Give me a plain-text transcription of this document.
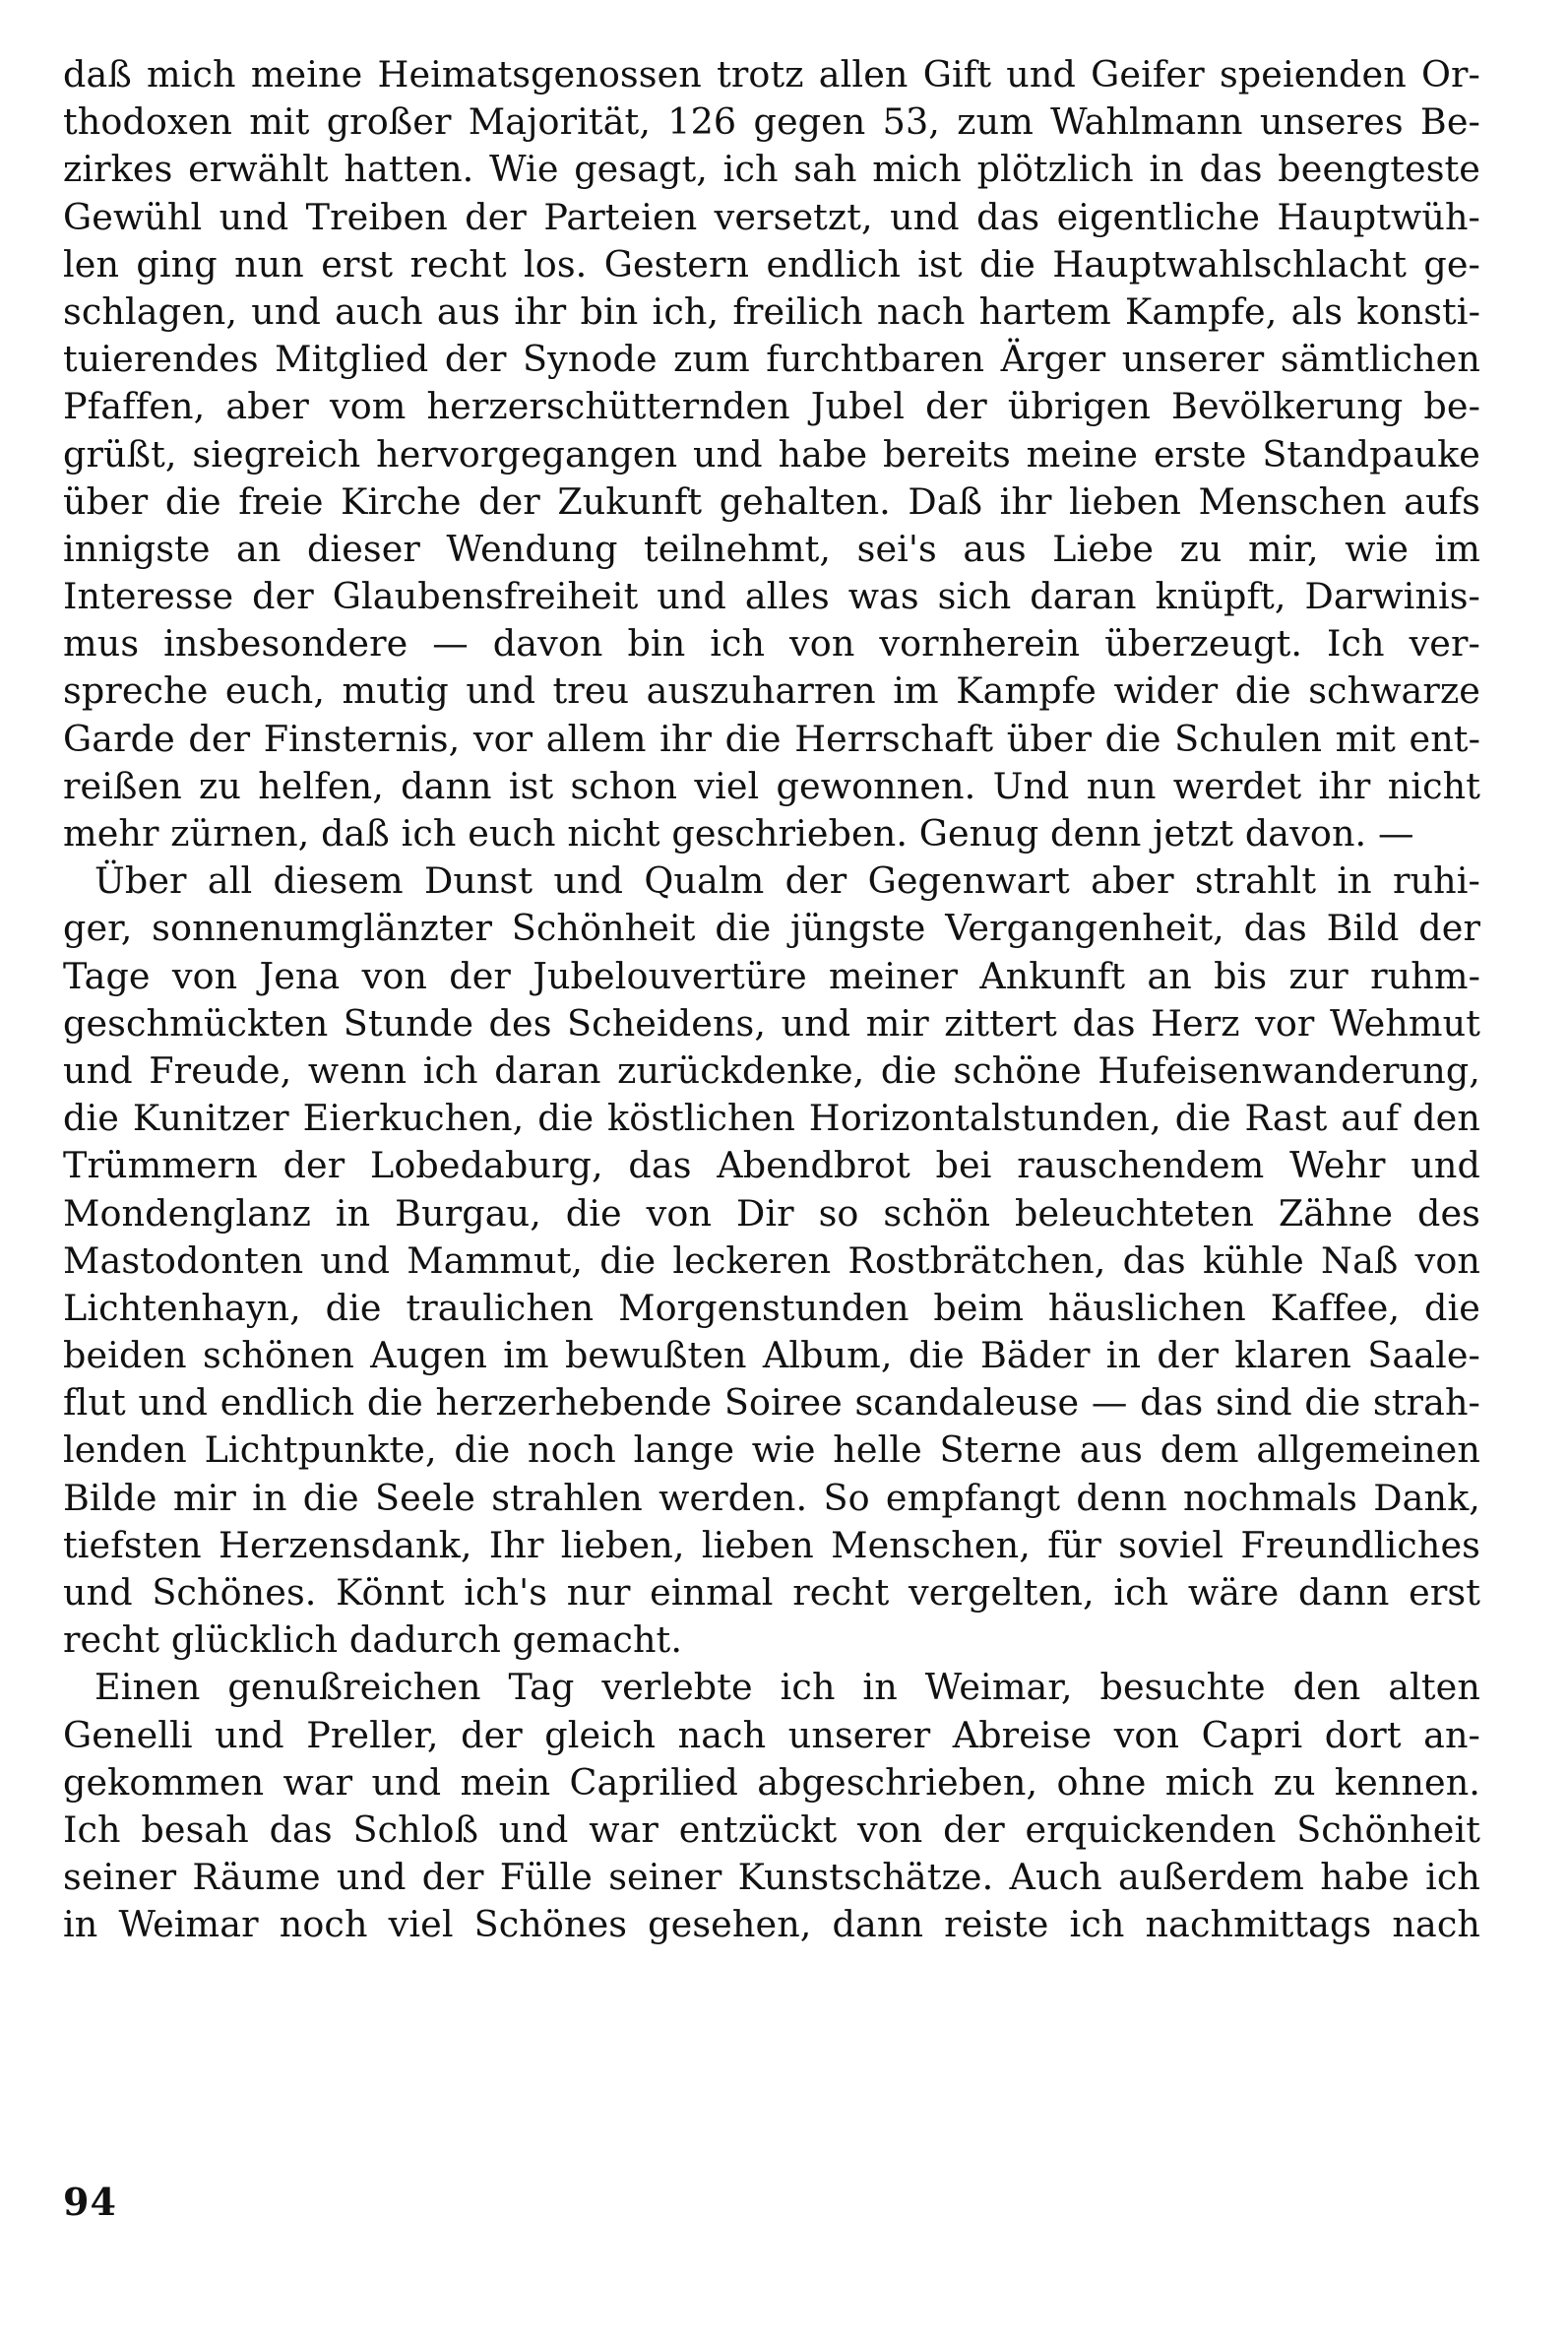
daß mich meine Heimatsgenossen trotz allen Gift und Geifer speienden Or-
thodoxen mit großer Majorität, 126 gegen 53, zum Wahlmann unseres Be-
zirkes erwählt hatten. Wie gesagt, ich sah mich plötzlich in das beengteste
Gewühl und Treiben der Parteien versetzt, und das eigentliche Hauptwüh-
len ging nun erst recht los. Gestern endlich ist die Hauptwahlschlacht ge-
schlagen, und auch aus ihr bin ich, freilich nach hartem Kampfe, als konsti-
tuierendes Mitglied der Synode zum furchtbaren Ärger unserer sämtlichen
Pfaffen, aber vom herzerschütternden Jubel der übrigen Bevölkerung be-
grüßt, siegreich hervorgegangen und habe bereits meine erste Standpauke
über die freie Kirche der Zukunft gehalten. Daß ihr lieben Menschen aufs
innigste an dieser Wendung teilnehmt, sei's aus Liebe zu mir, wie im
Interesse der Glaubensfreiheit und alles was sich daran knüpft, Darwinis-
mus insbesondere — davon bin ich von vornherein überzeugt. Ich ver-
spreche euch, mutig und treu auszuharren im Kampfe wider die schwarze
Garde der Finsternis, vor allem ihr die Herrschaft über die Schulen mit ent-
reißen zu helfen, dann ist schon viel gewonnen. Und nun werdet ihr nicht
mehr zürnen, daß ich euch nicht geschrieben. Genug denn jetzt davon. —
Über all diesem Dunst und Qualm der Gegenwart aber strahlt in ruhi-
ger, sonnenumglänzter Schönheit die jüngste Vergangenheit, das Bild der
Tage von Jena von der Jubelouvertüre meiner Ankunft an bis zur ruhm-
geschmückten Stunde des Scheidens, und mir zittert das Herz vor Wehmut
und Freude, wenn ich daran zurückdenke, die schöne Hufeisenwanderung,
die Kunitzer Eierkuchen, die köstlichen Horizontalstunden, die Rast auf den
Trümmern der Lobedaburg, das Abendbrot bei rauschendem Wehr und
Mondenglanz in Burgau, die von Dir so schön beleuchteten Zähne des
Mastodonten und Mammut, die leckeren Rostbrätchen, das kühle Naß von
Lichtenhayn, die traulichen Morgenstunden beim häuslichen Kaffee, die
beiden schönen Augen im bewußten Album, die Bäder in der klaren Saale-
flut und endlich die herzerhebende Soiree scandaleuse — das sind die strah-
lenden Lichtpunkte, die noch lange wie helle Sterne aus dem allgemeinen
Bilde mir in die Seele strahlen werden. So empfangt denn nochmals Dank,
tiefsten Herzensdank, Ihr lieben, lieben Menschen, für soviel Freundliches
und Schönes. Könnt ich's nur einmal recht vergelten, ich wäre dann erst
recht glücklich dadurch gemacht.
Einen genußreichen Tag verlebte ich in Weimar, besuchte den alten
Genelli und Preller, der gleich nach unserer Abreise von Capri dort an-
gekommen war und mein Caprilied abgeschrieben, ohne mich zu kennen.
Ich besah das Schloß und war entzückt von der erquickenden Schönheit
seiner Räume und der Fülle seiner Kunstschätze. Auch außerdem habe ich
in Weimar noch viel Schönes gesehen, dann reiste ich nachmittags nach
94
